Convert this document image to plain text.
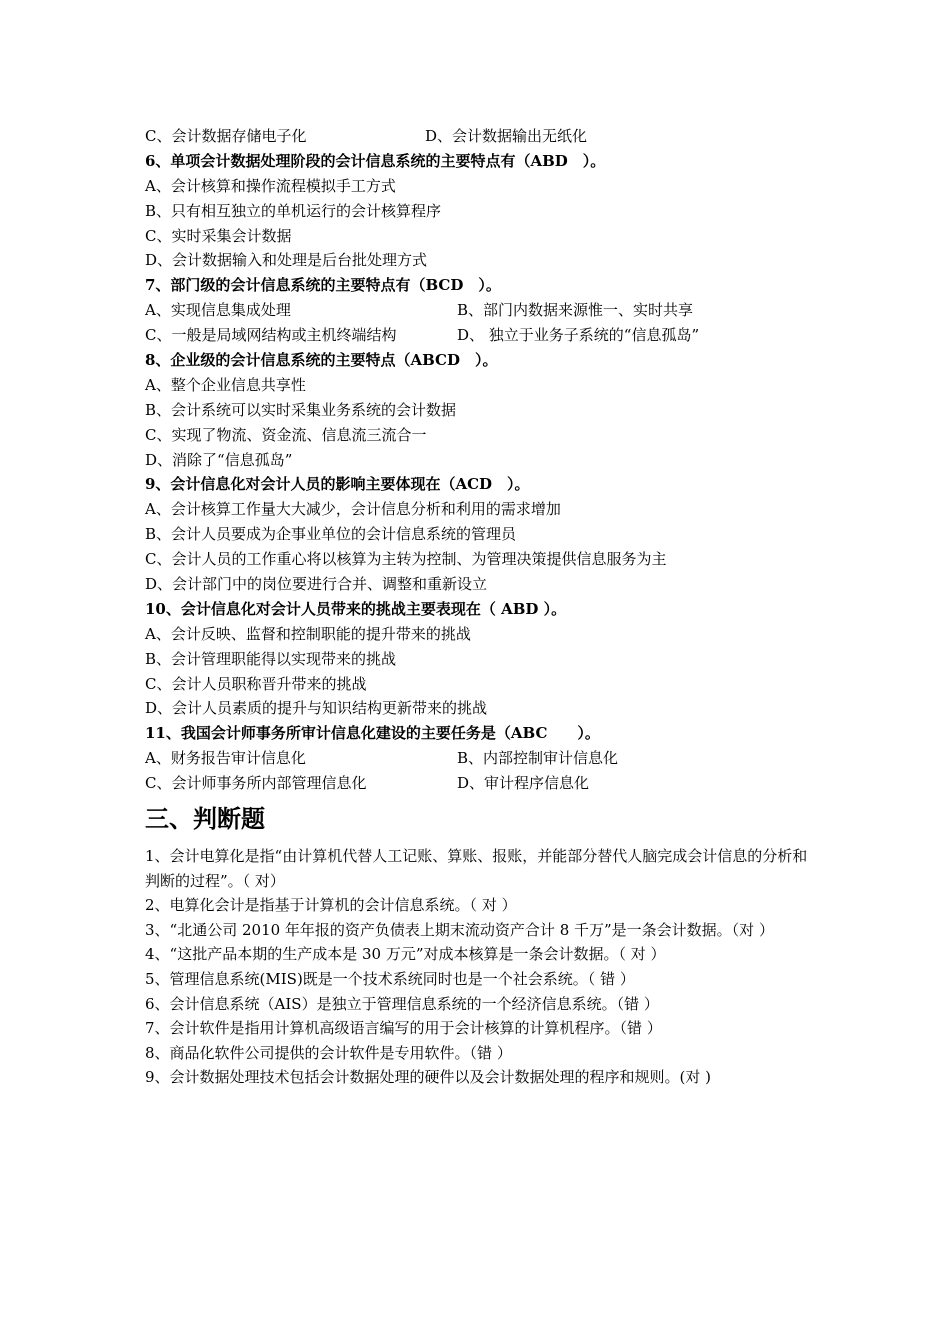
C、会计数据存储电子化	D、会计数据输出无纸化
6、单项会计数据处理阶段的会计信息系统的主要特点有（ABD　）。
A、会计核算和操作流程模拟手工方式
B、只有相互独立的单机运行的会计核算程序
C、实时采集会计数据
D、会计数据输入和处理是后台批处理方式
7、部门级的会计信息系统的主要特点有（BCD　）。
A、实现信息集成处理	B、部门内数据来源惟一、实时共享
C、一般是局域网结构或主机终端结构	D、 独立于业务子系统的“信息孤岛”
8、企业级的会计信息系统的主要特点（ABCD　）。
A、整个企业信息共享性
B、会计系统可以实时采集业务系统的会计数据
C、实现了物流、资金流、信息流三流合一
D、消除了“信息孤岛”
9、会计信息化对会计人员的影响主要体现在（ACD　）。
A、会计核算工作量大大减少，会计信息分析和利用的需求增加
B、会计人员要成为企事业单位的会计信息系统的管理员
C、会计人员的工作重心将以核算为主转为控制、为管理决策提供信息服务为主
D、会计部门中的岗位要进行合并、调整和重新设立
10、会计信息化对会计人员带来的挑战主要表现在（ ABD ）。
A、会计反映、监督和控制职能的提升带来的挑战
B、会计管理职能得以实现带来的挑战
C、会计人员职称晋升带来的挑战
D、会计人员素质的提升与知识结构更新带来的挑战
11、我国会计师事务所审计信息化建设的主要任务是（ABC　　）。
A、财务报告审计信息化	B、内部控制审计信息化
C、会计师事务所内部管理信息化	D、审计程序信息化
三、判断题
1、会计电算化是指“由计算机代替人工记账、算账、报账，并能部分替代人脑完成会计信息的分析和判断的过程”。（ 对）
2、电算化会计是指基于计算机的会计信息系统。（ 对 ）
3、“北通公司 2010 年年报的资产负债表上期末流动资产合计 8 千万”是一条会计数据。（对 ）
4、“这批产品本期的生产成本是 30 万元”对成本核算是一条会计数据。（ 对 ）
5、管理信息系统(MIS)既是一个技术系统同时也是一个社会系统。（ 错 ）
6、会计信息系统（AIS）是独立于管理信息系统的一个经济信息系统。（错 ）
7、会计软件是指用计算机高级语言编写的用于会计核算的计算机程序。（错 ）
8、商品化软件公司提供的会计软件是专用软件。（错 ）
9、会计数据处理技术包括会计数据处理的硬件以及会计数据处理的程序和规则。(对 )
